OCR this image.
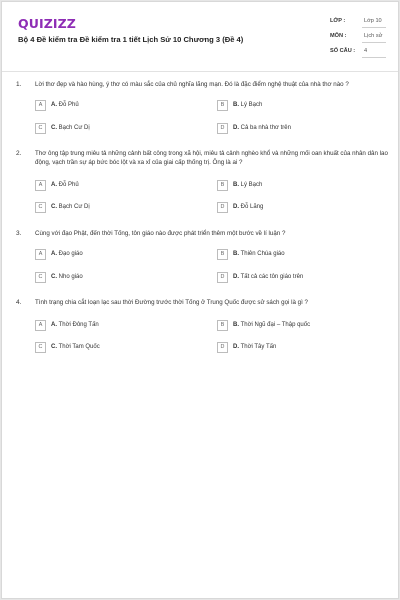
QUIZIZZ
Bộ 4 Đề kiểm tra Đề kiểm tra 1 tiết Lịch Sử 10 Chương 3 (Đề 4)
LỚP :	Lớp 10
MÔN :	Lịch sử
SỐ CÂU : 4
1. Lời thơ đẹp và hào hùng, ý thơ có màu sắc của chủ nghĩa lãng mạn. Đó là đặc điểm nghệ thuật của nhà thơ nào ?
A	A. Đỗ Phủ	B	B. Lý Bạch
C	C. Bạch Cư Dị	D	D. Cả ba nhà thơ trên
2. Thơ ông tập trung miêu tả những cảnh bất công trong xã hội, miêu tả cảnh nghèo khổ và những mối oan khuất của nhân dân lao động, vạch trần sự áp bức bóc lột và xa xỉ của giai cấp thống trị. Ông là ai ?
A	A. Đỗ Phủ	B	B. Lý Bạch
C	C. Bạch Cư Dị	D	D. Đỗ Lăng
3. Cùng với đạo Phật, đến thời Tống, tôn giáo nào được phát triển thêm một bước về lí luận ?
A	A. Đạo giáo	B	B. Thiên Chúa giáo
C	C. Nho giáo	D	D. Tất cả các tôn giáo trên
4. Tình trạng chia cắt loạn lạc sau thời Đường trước thời Tống ở Trung Quốc được sử sách gọi là gì ?
A	A. Thời Đông Tấn	B	B. Thời Ngũ đại – Thập quốc
C	C. Thời Tam Quốc	D	D. Thời Tây Tấn
